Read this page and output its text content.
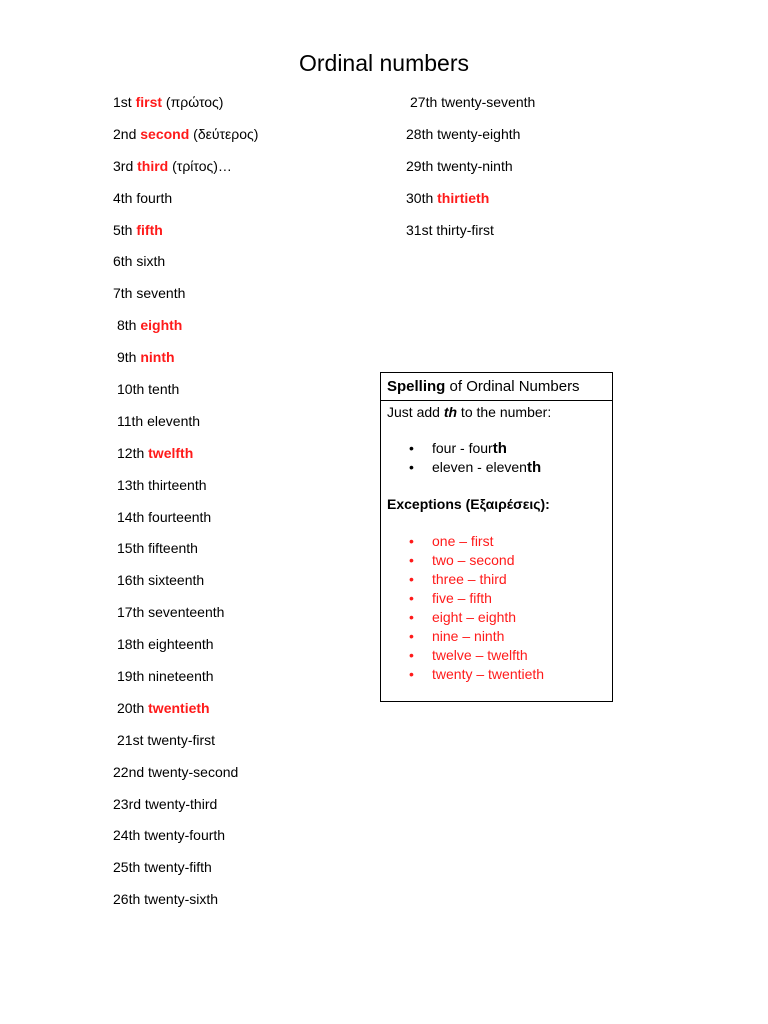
Ordinal numbers
1st first (πρώτος)
2nd second (δεύτερος)
3rd third (τρίτος)…
4th fourth
5th fifth
6th sixth
7th seventh
8th eighth
9th ninth
10th tenth
11th eleventh
12th twelfth
13th thirteenth
14th fourteenth
15th fifteenth
16th sixteenth
17th seventeenth
18th eighteenth
19th nineteenth
20th twentieth
21st twenty-first
22nd twenty-second
23rd twenty-third
24th twenty-fourth
25th twenty-fifth
26th twenty-sixth
27th twenty-seventh
28th twenty-eighth
29th twenty-ninth
30th thirtieth
31st thirty-first
Spelling of Ordinal Numbers
Just add th to the number:
• four - fourth
• eleven - eleventh
Exceptions (Εξαιρέσεις):
• one – first
• two – second
• three – third
• five – fifth
• eight – eighth
• nine – ninth
• twelve – twelfth
• twenty – twentieth
